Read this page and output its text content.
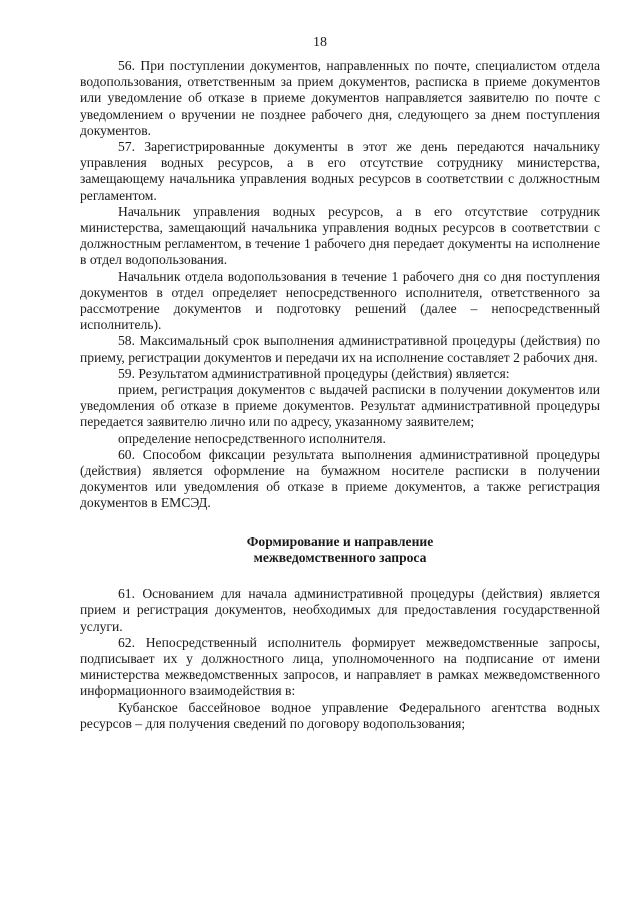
18

56. При поступлении документов, направленных по почте, специалистом отдела водопользования, ответственным за прием документов, расписка в приеме документов или уведомление об отказе в приеме документов направляется заявителю по почте с уведомлением о вручении не позднее рабочего дня, следующего за днем поступления документов.

57. Зарегистрированные документы в этот же день передаются начальнику управления водных ресурсов, а в его отсутствие сотруднику министерства, замещающему начальника управления водных ресурсов в соответствии с должностным регламентом.

Начальник управления водных ресурсов, а в его отсутствие сотрудник министерства, замещающий начальника управления водных ресурсов в соответствии с должностным регламентом, в течение 1 рабочего дня передает документы на исполнение в отдел водопользования.

Начальник отдела водопользования в течение 1 рабочего дня со дня поступления документов в отдел определяет непосредственного исполнителя, ответственного за рассмотрение документов и подготовку решений (далее – непосредственный исполнитель).

58. Максимальный срок выполнения административной процедуры (действия) по приему, регистрации документов и передачи их на исполнение составляет 2 рабочих дня.

59. Результатом административной процедуры (действия) является:

прием, регистрация документов с выдачей расписки в получении документов или уведомления об отказе в приеме документов. Результат административной процедуры передается заявителю лично или по адресу, указанному заявителем;

определение непосредственного исполнителя.

60. Способом фиксации результата выполнения административной процедуры (действия) является оформление на бумажном носителе расписки в получении документов или уведомления об отказе в приеме документов, а также регистрация документов в ЕМСЭД.

Формирование и направление
межведомственного запроса

61. Основанием для начала административной процедуры (действия) является прием и регистрация документов, необходимых для предоставления государственной услуги.

62. Непосредственный исполнитель формирует межведомственные запросы, подписывает их у должностного лица, уполномоченного на подписание от имени министерства межведомственных запросов, и направляет в рамках межведомственного информационного взаимодействия в:

Кубанское бассейновое водное управление Федерального агентства водных ресурсов – для получения сведений по договору водопользования;
